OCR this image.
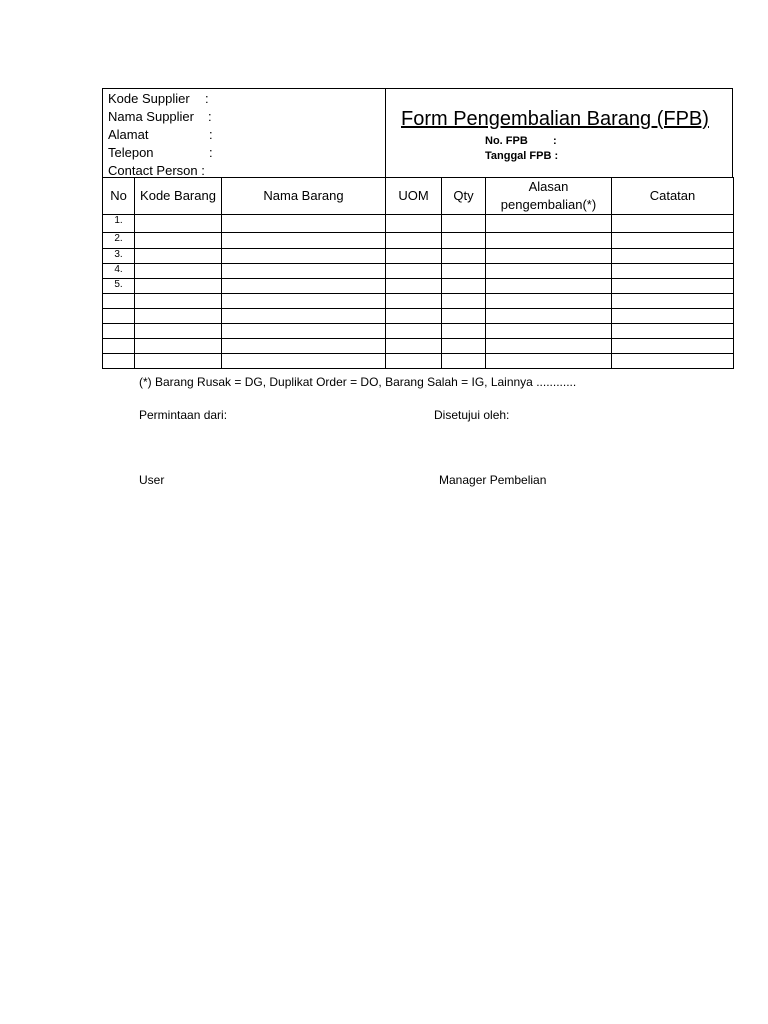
Kode Supplier :
Nama Supplier :
Alamat	:
Telepon	:
Contact Person :
Form Pengembalian Barang (FPB)
No. FPB :
Tanggal FPB :
No	Kode Barang	Nama Barang	UOM	Qty	Alasan pengembalian(*)	Catatan
1.						
2.						
3.						
4.						
5.						

(*) Barang Rusak = DG, Duplikat Order = DO, Barang Salah = IG, Lainnya ............
Permintaan dari:	Disetujui oleh:
User	Manager Pembelian
